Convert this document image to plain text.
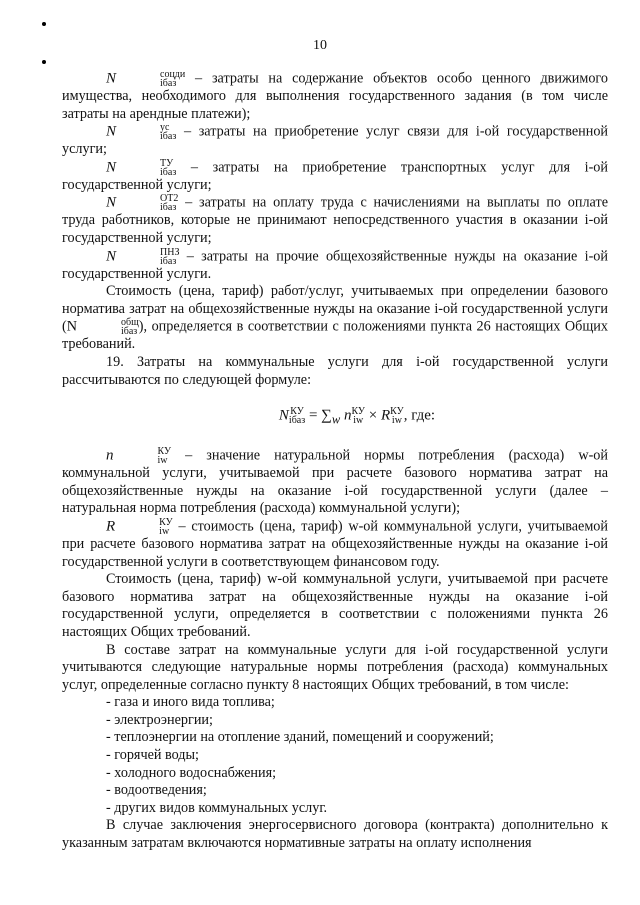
10

N	соцди
iбаз – затраты на содержание объектов особо ценного движимого имущества, необходимого для выполнения государственного задания (в том числе затраты на арендные платежи);

N	ус
iбаз – затраты на приобретение услуг связи для i-ой государственной услуги;

N	ТУ
iбаз – затраты на приобретение транспортных услуг для i-ой государственной услуги;

N	ОТ2
iбаз – затраты на оплату труда с начислениями на выплаты по оплате труда работников, которые не принимают непосредственного участия в оказании i-ой государственной услуги;

N	ПНЗ
iбаз – затраты на прочие общехозяйственные нужды на оказание i-ой государственной услуги.

Стоимость (цена, тариф) работ/услуг, учитываемых при определении базового норматива затрат на общехозяйственные нужды на оказание i-ой государственной услуги (N	общ
iбаз ), определяется в соответствии с положениями пункта 26 настоящих Общих требований.

19. Затраты на коммунальные услуги для i-ой государственной услуги рассчитываются по следующей формуле:

N КУ
iбаз = $\sum_w$ n КУ
iw × R КУ
iw , где:

n	КУ
iw – значение натуральной нормы потребления (расхода) w-ой коммунальной услуги, учитываемой при расчете базового норматива затрат на общехозяйственные нужды на оказание i-ой государственной услуги (далее – натуральная норма потребления (расхода) коммунальной услуги);

R	КУ
iw – стоимость (цена, тариф) w-ой коммунальной услуги, учитываемой при расчете базового норматива затрат на общехозяйственные нужды на оказание i-ой государственной услуги в соответствующем финансовом году.

Стоимость (цена, тариф) w-ой коммунальной услуги, учитываемой при расчете базового норматива затрат на общехозяйственные нужды на оказание i-ой государственной услуги, определяется в соответствии с положениями пункта 26 настоящих Общих требований.

В составе затрат на коммунальные услуги для i-ой государственной услуги учитываются следующие натуральные нормы потребления (расхода) коммунальных услуг, определенные согласно пункту 8 настоящих Общих требований, в том числе:

- газа и иного вида топлива;
- электроэнергии;
- теплоэнергии на отопление зданий, помещений и сооружений;
- горячей воды;
- холодного водоснабжения;
- водоотведения;
- других видов коммунальных услуг.

В случае заключения энергосервисного договора (контракта) дополнительно к указанным затратам включаются нормативные затраты на оплату исполнения
